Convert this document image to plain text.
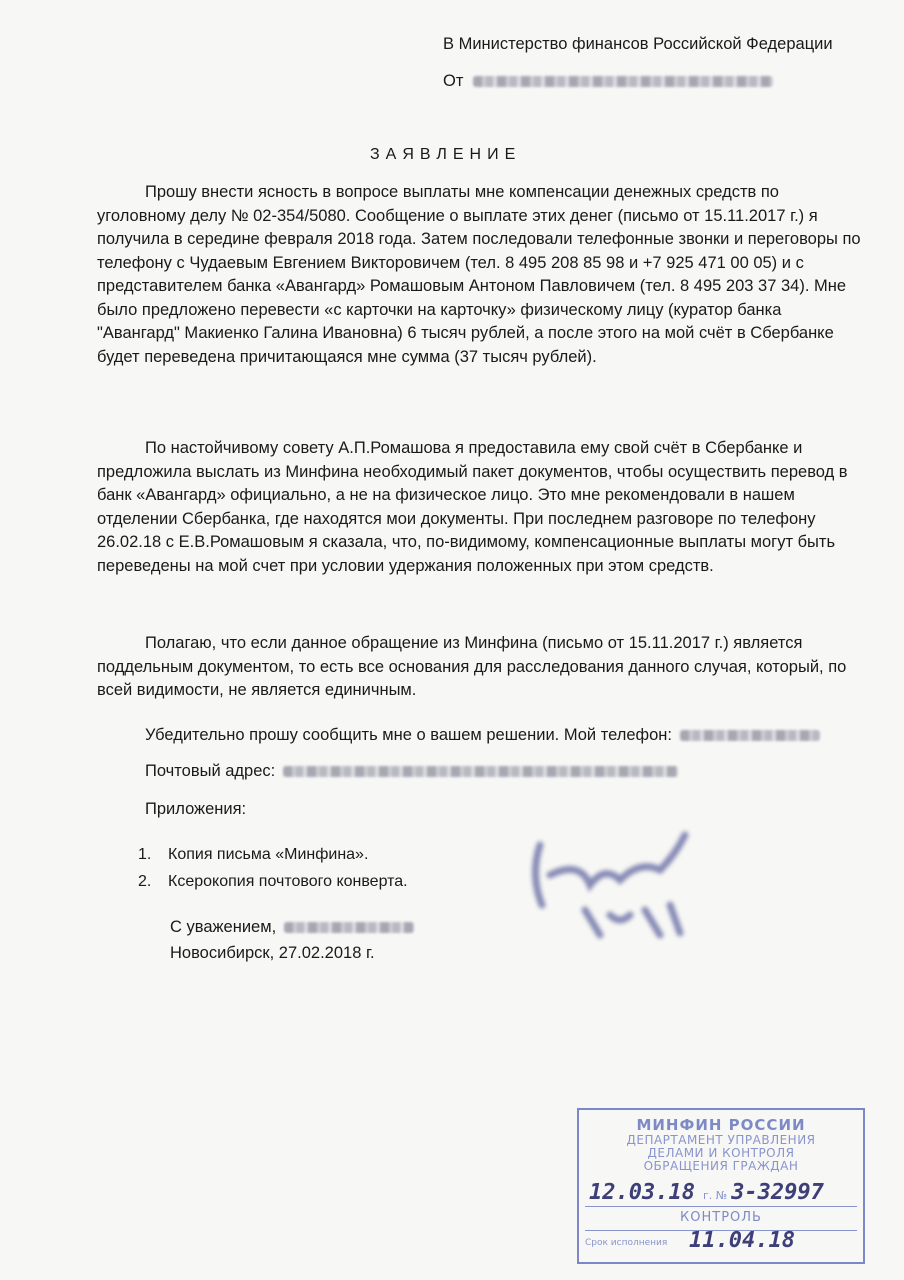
В Министерство финансов Российской Федерации
От
ЗАЯВЛЕНИЕ
Прошу внести ясность в вопросе выплаты мне компенсации денежных средств по уголовному делу № 02-354/5080. Сообщение о выплате этих денег (письмо от 15.11.2017 г.) я получила в середине февраля 2018 года. Затем последовали телефонные звонки и переговоры по телефону с Чудаевым Евгением Викторовичем (тел. 8 495 208 85 98 и +7 925 471 00 05) и с представителем банка «Авангард» Ромашовым Антоном Павловичем (тел. 8 495 203 37 34). Мне было предложено перевести «с карточки на карточку» физическому лицу (куратор банка "Авангард" Макиенко Галина Ивановна) 6 тысяч рублей, а после этого на мой счёт в Сбербанке будет переведена причитающаяся мне сумма (37 тысяч рублей).
По настойчивому совету А.П.Ромашова я предоставила ему свой счёт в Сбербанке и предложила выслать из Минфина необходимый пакет документов, чтобы осуществить перевод в банк «Авангард» официально, а не на физическое лицо. Это мне рекомендовали в нашем отделении Сбербанка, где находятся мои документы. При последнем разговоре по телефону 26.02.18 с Е.В.Ромашовым я сказала, что, по-видимому, компенсационные выплаты могут быть переведены на мой счет при условии удержания положенных при этом средств.
Полагаю, что если данное обращение из Минфина (письмо от 15.11.2017 г.) является поддельным документом, то есть все основания для расследования данного случая, который, по всей видимости, не является единичным.
Убедительно прошу сообщить мне о вашем решении. Мой телефон:
Почтовый адрес:
Приложения:
1. Копия письма «Минфина».
2. Ксерокопия почтового конверта.
С уважением,
Новосибирск, 27.02.2018 г.
МИНФИН РОССИИ
ДЕПАРТАМЕНТ УПРАВЛЕНИЯ
ДЕЛАМИ И КОНТРОЛЯ
ОБРАЩЕНИЯ ГРАЖДАН
12.03.18 г. № 3-32997
КОНТРОЛЬ
Срок исполнения 11.04.18
